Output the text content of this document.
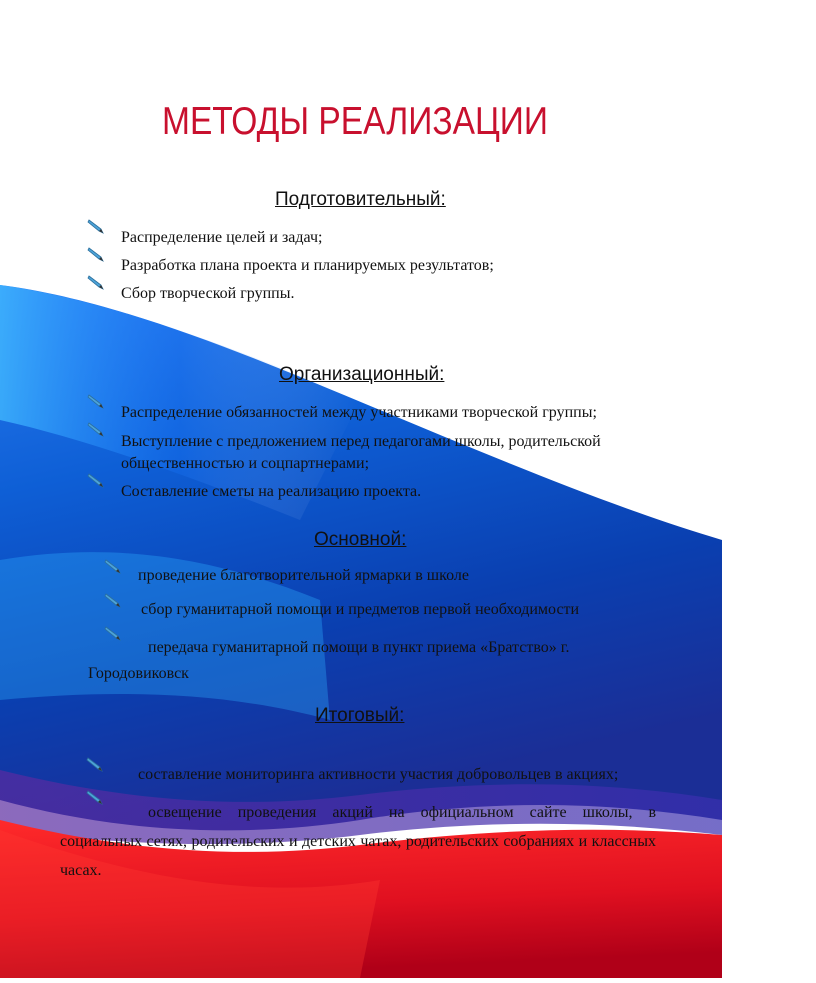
МЕТОДЫ РЕАЛИЗАЦИИ
Подготовительный:
Распределение целей и задач;
Разработка плана проекта и планируемых результатов;
Сбор творческой группы.
Организационный:
Распределение обязанностей между участниками творческой группы;
Выступление с предложением перед педагогами школы, родительской общественностью и соцпартнерами;
Составление сметы на реализацию проекта.
Основной:
проведение благотворительной ярмарки в школе
сбор гуманитарной помощи и предметов первой необходимости
передача гуманитарной помощи в пункт приема «Братство» г. Городовиковск
Итоговый:
составление мониторинга активности участия добровольцев в акциях;
освещение проведения акций на официальном сайте школы, в социальных сетях, родительских и детских чатах, родительских собраниях и классных часах.
